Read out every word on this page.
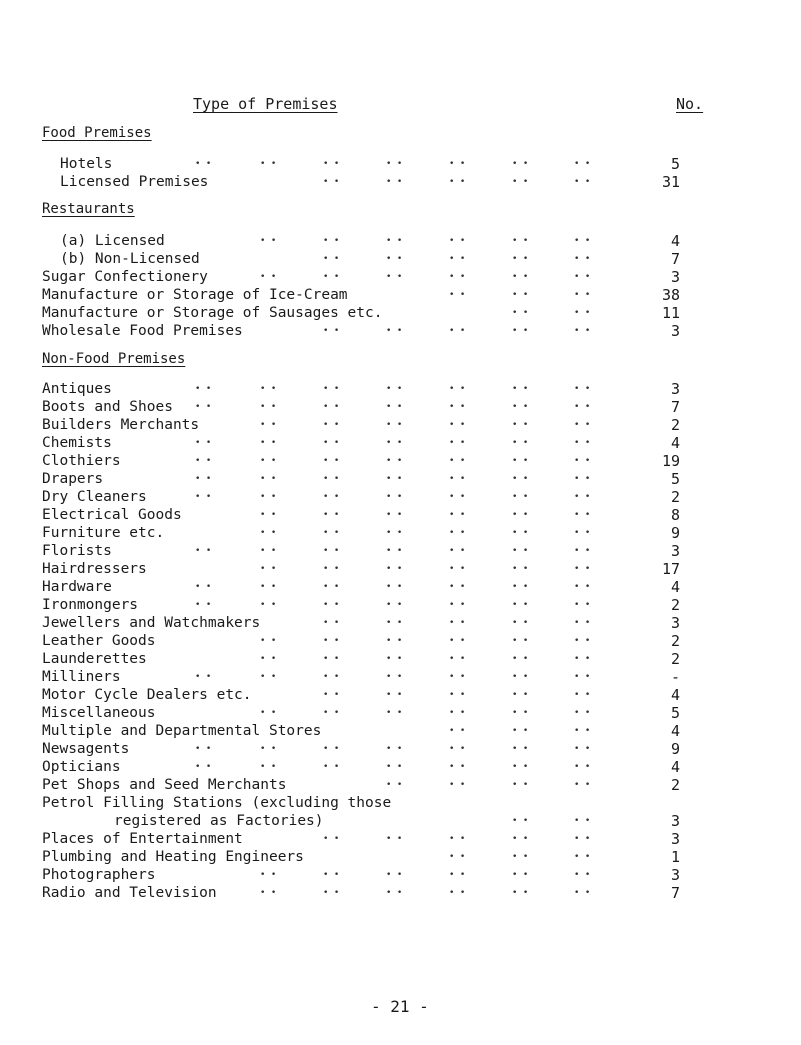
Type of Premises	No.
Food Premises
Hotels	• •	• •	• •	• •	• •	• •	• •	5
Licensed Premises	• •	• •	• •	• •	• •	31
Restaurants
(a) Licensed	• •	• •	• •	• •	• •	• •	4
(b) Non-Licensed	• •	• •	• •	• •	• •	7
Sugar Confectionery	• •	• •	• •	• •	• •	• •	3
Manufacture or Storage of Ice-Cream	• •	• •	• •	38
Manufacture or Storage of Sausages etc.	• •	• •	11
Wholesale Food Premises	• •	• •	• •	• •	• •	3
Non-Food Premises
Antiques	• •	• •	• •	• •	• •	• •	• •	3
Boots and Shoes • •	• •	• •	• •	• •	• •	• •	7
Builders Merchants	• •	• •	• •	• •	• •	• •	2
Chemists	• •	• •	• •	• •	• •	• •	• •	4
Clothiers	• •	• •	• •	• •	• •	• •	• •	19
Drapers	• •	• •	• •	• •	• •	• •	• •	5
Dry Cleaners	• •	• •	• •	• •	• •	• •	• •	2
Electrical Goods	• •	• •	• •	• •	• •	• •	8
Furniture etc.	• •	• •	• •	• •	• •	• •	9
Florists	• •	• •	• •	• •	• •	• •	• •	3
Hairdressers	• •	• •	• •	• •	• •	• •	17
Hardware	• •	• •	• •	• •	• •	• •	• •	4
Ironmongers	• •	• •	• •	• •	• •	• •	• •	2
Jewellers and Watchmakers	• •	• •	• •	• •	• •	3
Leather Goods	• •	• •	• •	• •	• •	• •	2
Launderettes	• •	• •	• •	• •	• •	• •	2
Milliners	• •	• •	• •	• •	• •	• •	• •	-
Motor Cycle Dealers etc.	• •	• •	• •	• •	• •	4
Miscellaneous	• •	• •	• •	• •	• •	• •	5
Multiple and Departmental Stores	• •	• •	• •	4
Newsagents	• •	• •	• •	• •	• •	• •	• •	9
Opticians	• •	• •	• •	• •	• •	• •	• •	4
Pet Shops and Seed Merchants	• •	• •	• •	• •	2
Petrol Filling Stations (excluding those
registered as Factories)	• •	• •	3
Places of Entertainment	• •	• •	• •	• •	• •	3
Plumbing and Heating Engineers	• •	• •	• •	1
Photographers	• •	• •	• •	• •	• •	• •	3
Radio and Television	• •	• •	• •	• •	• •	• •	7
- 21 -
